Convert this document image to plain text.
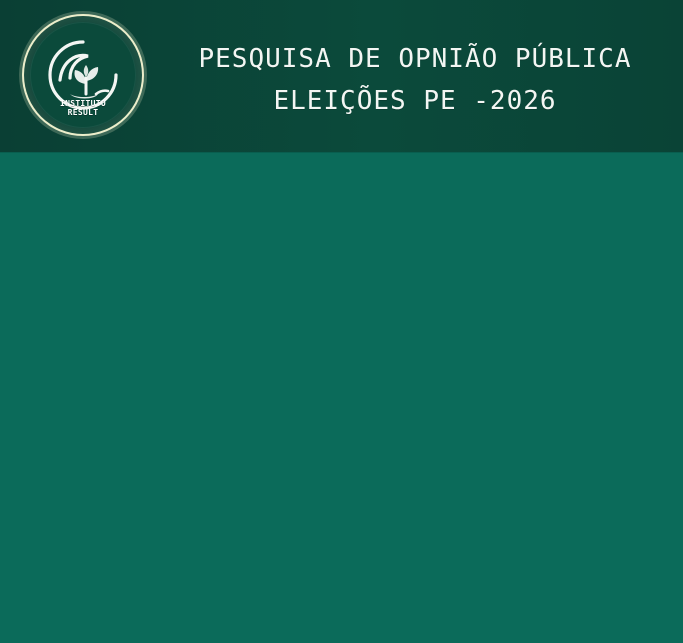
INSTITUTO
RESULT
PESQUISA DE OPNIÃO PÚBLICA
ELEIÇÕES PE -2026
